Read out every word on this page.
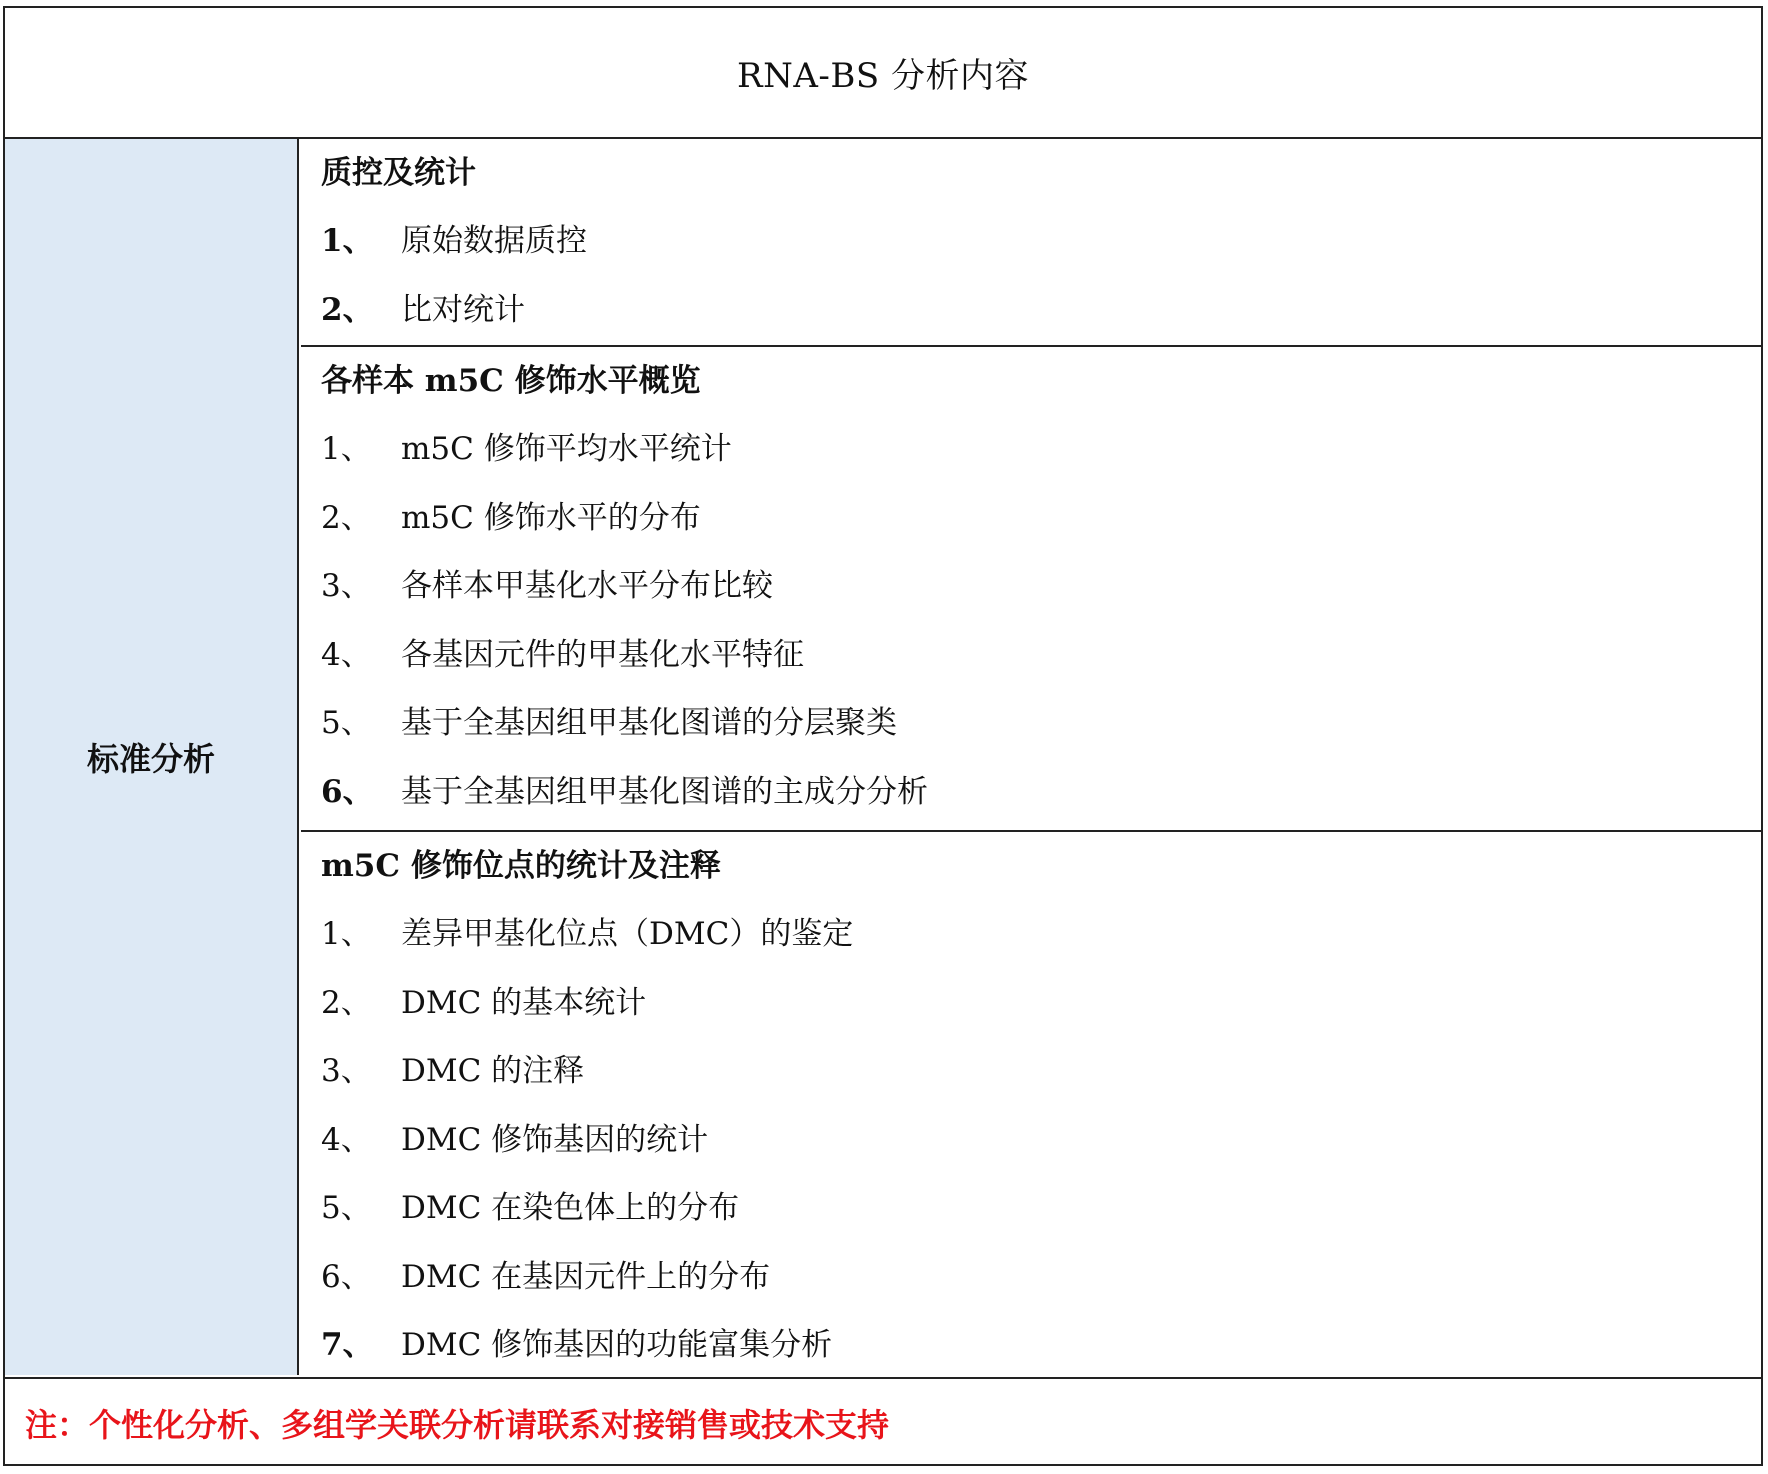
RNA-BS 分析内容
标准分析
质控及统计
1、 原始数据质控
2、 比对统计
各样本 m5C 修饰水平概览
1、 m5C 修饰平均水平统计
2、 m5C 修饰水平的分布
3、 各样本甲基化水平分布比较
4、 各基因元件的甲基化水平特征
5、 基于全基因组甲基化图谱的分层聚类
6、 基于全基因组甲基化图谱的主成分分析
m5C 修饰位点的统计及注释
1、 差异甲基化位点（DMC）的鉴定
2、 DMC 的基本统计
3、 DMC 的注释
4、 DMC 修饰基因的统计
5、 DMC 在染色体上的分布
6、 DMC 在基因元件上的分布
7、 DMC 修饰基因的功能富集分析
注：个性化分析、多组学关联分析请联系对接销售或技术支持
